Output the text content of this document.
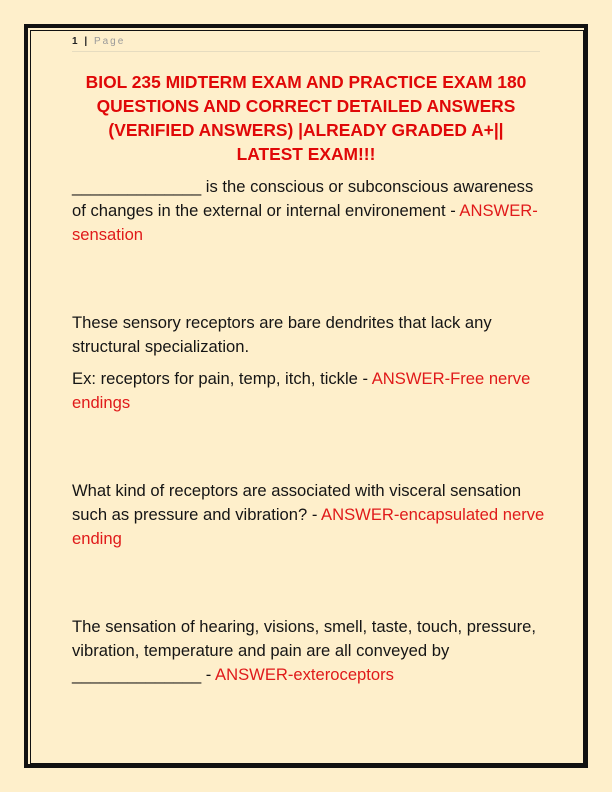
1 | Page
BIOL 235 MIDTERM EXAM AND PRACTICE EXAM 180
QUESTIONS AND CORRECT DETAILED ANSWERS
(VERIFIED ANSWERS) |ALREADY GRADED A+||
LATEST EXAM!!!

______________ is the conscious or subconscious awareness of changes in the external or internal environement - ANSWER-sensation

These sensory receptors are bare dendrites that lack any structural specialization.

Ex: receptors for pain, temp, itch, tickle - ANSWER-Free nerve endings

What kind of receptors are associated with visceral sensation such as pressure and vibration? - ANSWER-encapsulated nerve ending

The sensation of hearing, visions, smell, taste, touch, pressure, vibration, temperature and pain are all conveyed by ______________ - ANSWER-exteroceptors
